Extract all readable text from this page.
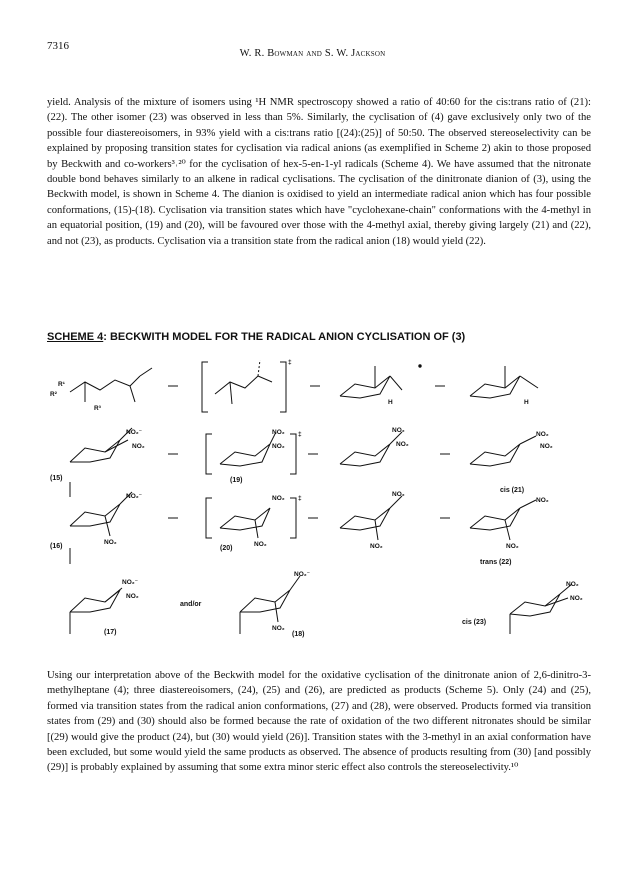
7316
W. R. Bowman and S. W. Jackson

yield. Analysis of the mixture of isomers using ¹H NMR spectroscopy showed a ratio of 40:60 for the cis:trans ratio of (21):(22). The other isomer (23) was observed in less than 5%. Similarly, the cyclisation of (4) gave exclusively only two of the possible four diastereoisomers, in 93% yield with a cis:trans ratio [(24):(25)] of 50:50. The observed stereoselectivity can be explained by proposing transition states for cyclisation via radical anions (as exemplified in Scheme 2) akin to those proposed by Beckwith and co-workers³˒²⁰ for the cyclisation of hex-5-en-1-yl radicals (Scheme 4). We have assumed that the nitronate double bond behaves similarly to an alkene in radical cyclisations. The cyclisation of the dinitronate dianion of (3), using the Beckwith model, is shown in Scheme 4. The dianion is oxidised to yield an intermediate radical anion which has four possible conformations, (15)-(18). Cyclisation via transition states which have "cyclohexane-chain" conformations with the 4-methyl in an equatorial position, (19) and (20), will be favoured over those with the 4-methyl axial, thereby giving largely (21) and (22), and not (23), as products. Cyclisation via a transition state from the radical anion (18) would yield (22).

SCHEME 4: BECKWITH MODEL FOR THE RADICAL ANION CYCLISATION OF (3)
R¹
R²
R³
‡
H	H
NO₂⁻
NO₂
(15)
NO₂
NO₂
‡
(19)
NO₂
NO₂
NO₂
NO₂
cis (21)
NO₂⁻
NO₂
(16)
NO₂
NO₂
‡
(20)
NO₂
NO₂
NO₂
NO₂
trans (22)
NO₂⁻
NO₂
(17)
and/or
NO₂⁻
NO₂
(18)
NO₂
NO₂
cis (23)

Using our interpretation above of the Beckwith model for the oxidative cyclisation of the dinitronate anion of 2,6-dinitro-3-methylheptane (4); three diastereoisomers, (24), (25) and (26), are predicted as products (Scheme 5). Only (24) and (25), formed via transition states from the radical anion conformations, (27) and (28), were observed. Products formed via transition states from (29) and (30) should also be formed because the rate of oxidation of the two different nitronates should be similar [(29) would give the product (24), but (30) would yield (26)]. Transition states with the 3-methyl in an axial conformation have been excluded, but some would yield the same products as observed. The absence of products resulting from (30) [and possibly (29)] is probably explained by assuming that some extra minor steric effect also controls the stereoselectivity.¹⁰
